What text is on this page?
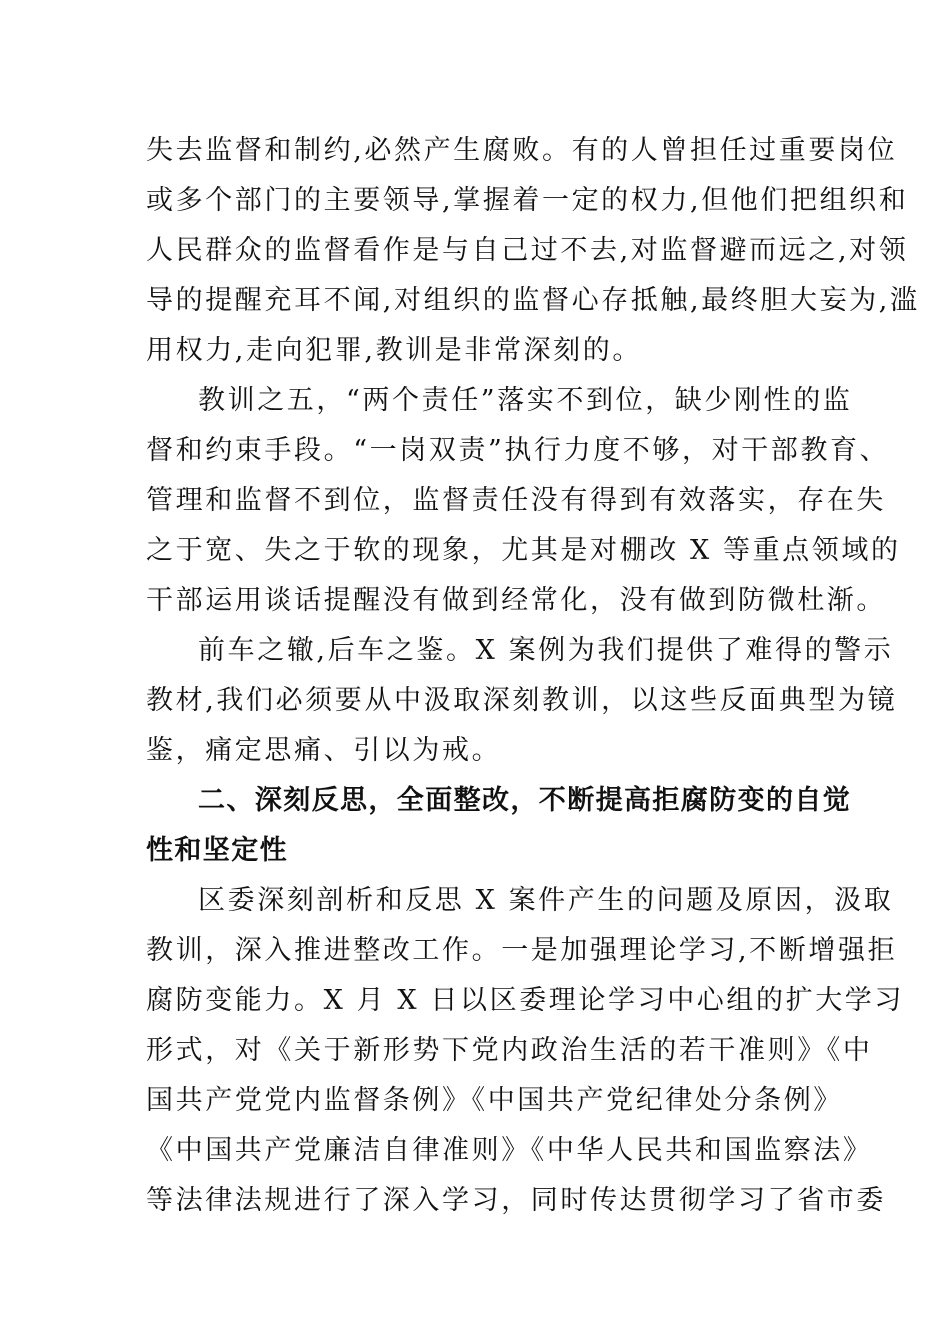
失去监督和制约,必然产生腐败。有的人曾担任过重要岗位
或多个部门的主要领导,掌握着一定的权力,但他们把组织和
人民群众的监督看作是与自己过不去,对监督避而远之,对领
导的提醒充耳不闻,对组织的监督心存抵触,最终胆大妄为,滥
用权力,走向犯罪,教训是非常深刻的。
教训之五，“两个责任”落实不到位，缺少刚性的监
督和约束手段。“一岗双责”执行力度不够，对干部教育、
管理和监督不到位，监督责任没有得到有效落实，存在失
之于宽、失之于软的现象，尤其是对棚改 X 等重点领域的
干部运用谈话提醒没有做到经常化，没有做到防微杜渐。
前车之辙,后车之鉴。X 案例为我们提供了难得的警示
教材,我们必须要从中汲取深刻教训，以这些反面典型为镜
鉴，痛定思痛、引以为戒。
二、深刻反思，全面整改，不断提高拒腐防变的自觉
性和坚定性
区委深刻剖析和反思 X 案件产生的问题及原因，汲取
教训，深入推进整改工作。一是加强理论学习,不断增强拒
腐防变能力。X 月 X 日以区委理论学习中心组的扩大学习
形式，对《关于新形势下党内政治生活的若干准则》《中
国共产党党内监督条例》《中国共产党纪律处分条例》
《中国共产党廉洁自律准则》《中华人民共和国监察法》
等法律法规进行了深入学习，同时传达贯彻学习了省市委
